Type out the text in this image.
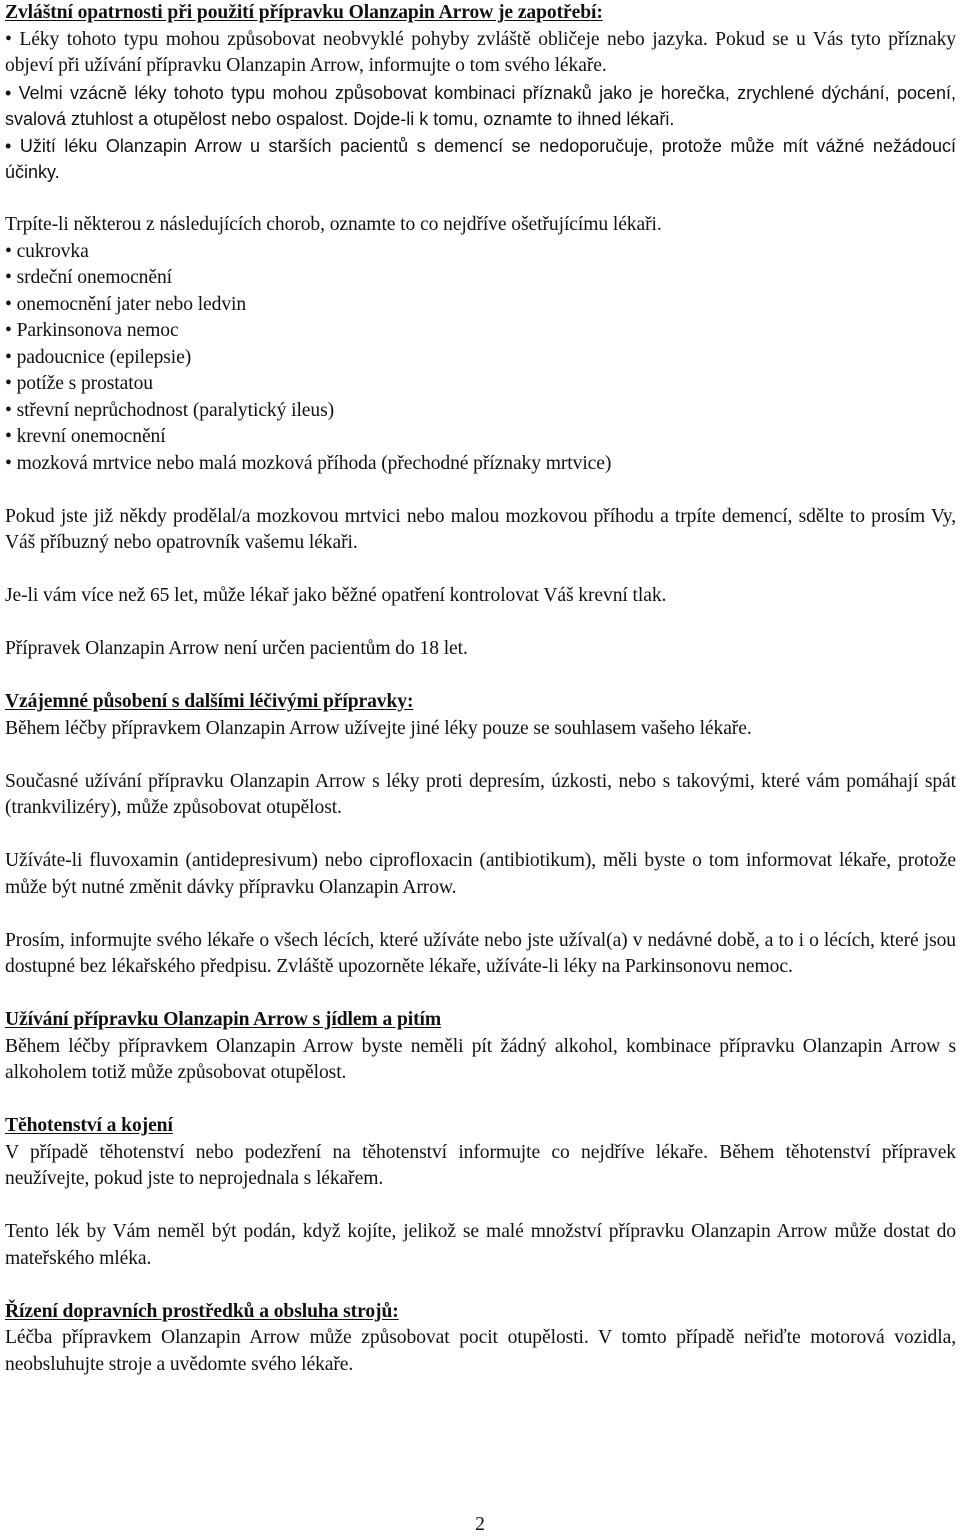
Zvláštní opatrnosti při použití přípravku Olanzapin Arrow je zapotřebí:

• Léky tohoto typu mohou způsobovat neobvyklé pohyby zvláště obličeje nebo jazyka. Pokud se u Vás tyto příznaky objeví při užívání přípravku Olanzapin Arrow, informujte o tom svého lékaře.

• Velmi vzácně léky tohoto typu mohou způsobovat kombinaci příznaků jako je horečka, zrychlené dýchání, pocení, svalová ztuhlost a otupělost nebo ospalost. Dojde-li k tomu, oznamte to ihned lékaři.

• Užití léku Olanzapin Arrow u starších pacientů s demencí se nedoporučuje, protože může mít vážné nežádoucí účinky.

Trpíte-li některou z následujících chorob, oznamte to co nejdříve ošetřujícímu lékaři.

• cukrovka
• srdeční onemocnění
• onemocnění jater nebo ledvin
• Parkinsonova nemoc
• padoucnice (epilepsie)
• potíže s prostatou
• střevní neprůchodnost (paralytický ileus)
• krevní onemocnění
• mozková mrtvice nebo malá mozková příhoda (přechodné příznaky mrtvice)

Pokud jste již někdy prodělal/a mozkovou mrtvici nebo malou mozkovou příhodu a trpíte demencí, sdělte to prosím Vy, Váš příbuzný nebo opatrovník vašemu lékaři.

Je-li vám více než 65 let, může lékař jako běžné opatření kontrolovat Váš krevní tlak.

Přípravek Olanzapin Arrow není určen pacientům do 18 let.

Vzájemné působení s dalšími léčivými přípravky:

Během léčby přípravkem Olanzapin Arrow užívejte jiné léky pouze se souhlasem vašeho lékaře.

Současné užívání přípravku Olanzapin Arrow s léky proti depresím, úzkosti, nebo s takovými, které vám pomáhají spát (trankvilizéry), může způsobovat otupělost.

Užíváte-li fluvoxamin (antidepresivum) nebo ciprofloxacin (antibiotikum), měli byste o tom informovat lékaře, protože může být nutné změnit dávky přípravku Olanzapin Arrow.

Prosím, informujte svého lékaře o všech lécích, které užíváte nebo jste užíval(a) v nedávné době, a to i o lécích, které jsou dostupné bez lékařského předpisu. Zvláště upozorněte lékaře, užíváte-li léky na Parkinsonovu nemoc.

Užívání přípravku Olanzapin Arrow s jídlem a pitím

Během léčby přípravkem Olanzapin Arrow byste neměli pít žádný alkohol, kombinace přípravku Olanzapin Arrow s alkoholem totiž může způsobovat otupělost.

Těhotenství a kojení

V případě těhotenství nebo podezření na těhotenství informujte co nejdříve lékaře. Během těhotenství přípravek neužívejte, pokud jste to neprojednala s lékařem.

Tento lék by Vám neměl být podán, když kojíte, jelikož se malé množství přípravku Olanzapin Arrow může dostat do mateřského mléka.

Řízení dopravních prostředků a obsluha strojů:

Léčba přípravkem Olanzapin Arrow může způsobovat pocit otupělosti. V tomto případě neřiďte motorová vozidla, neobsluhujte stroje a uvědomte svého lékaře.

2
